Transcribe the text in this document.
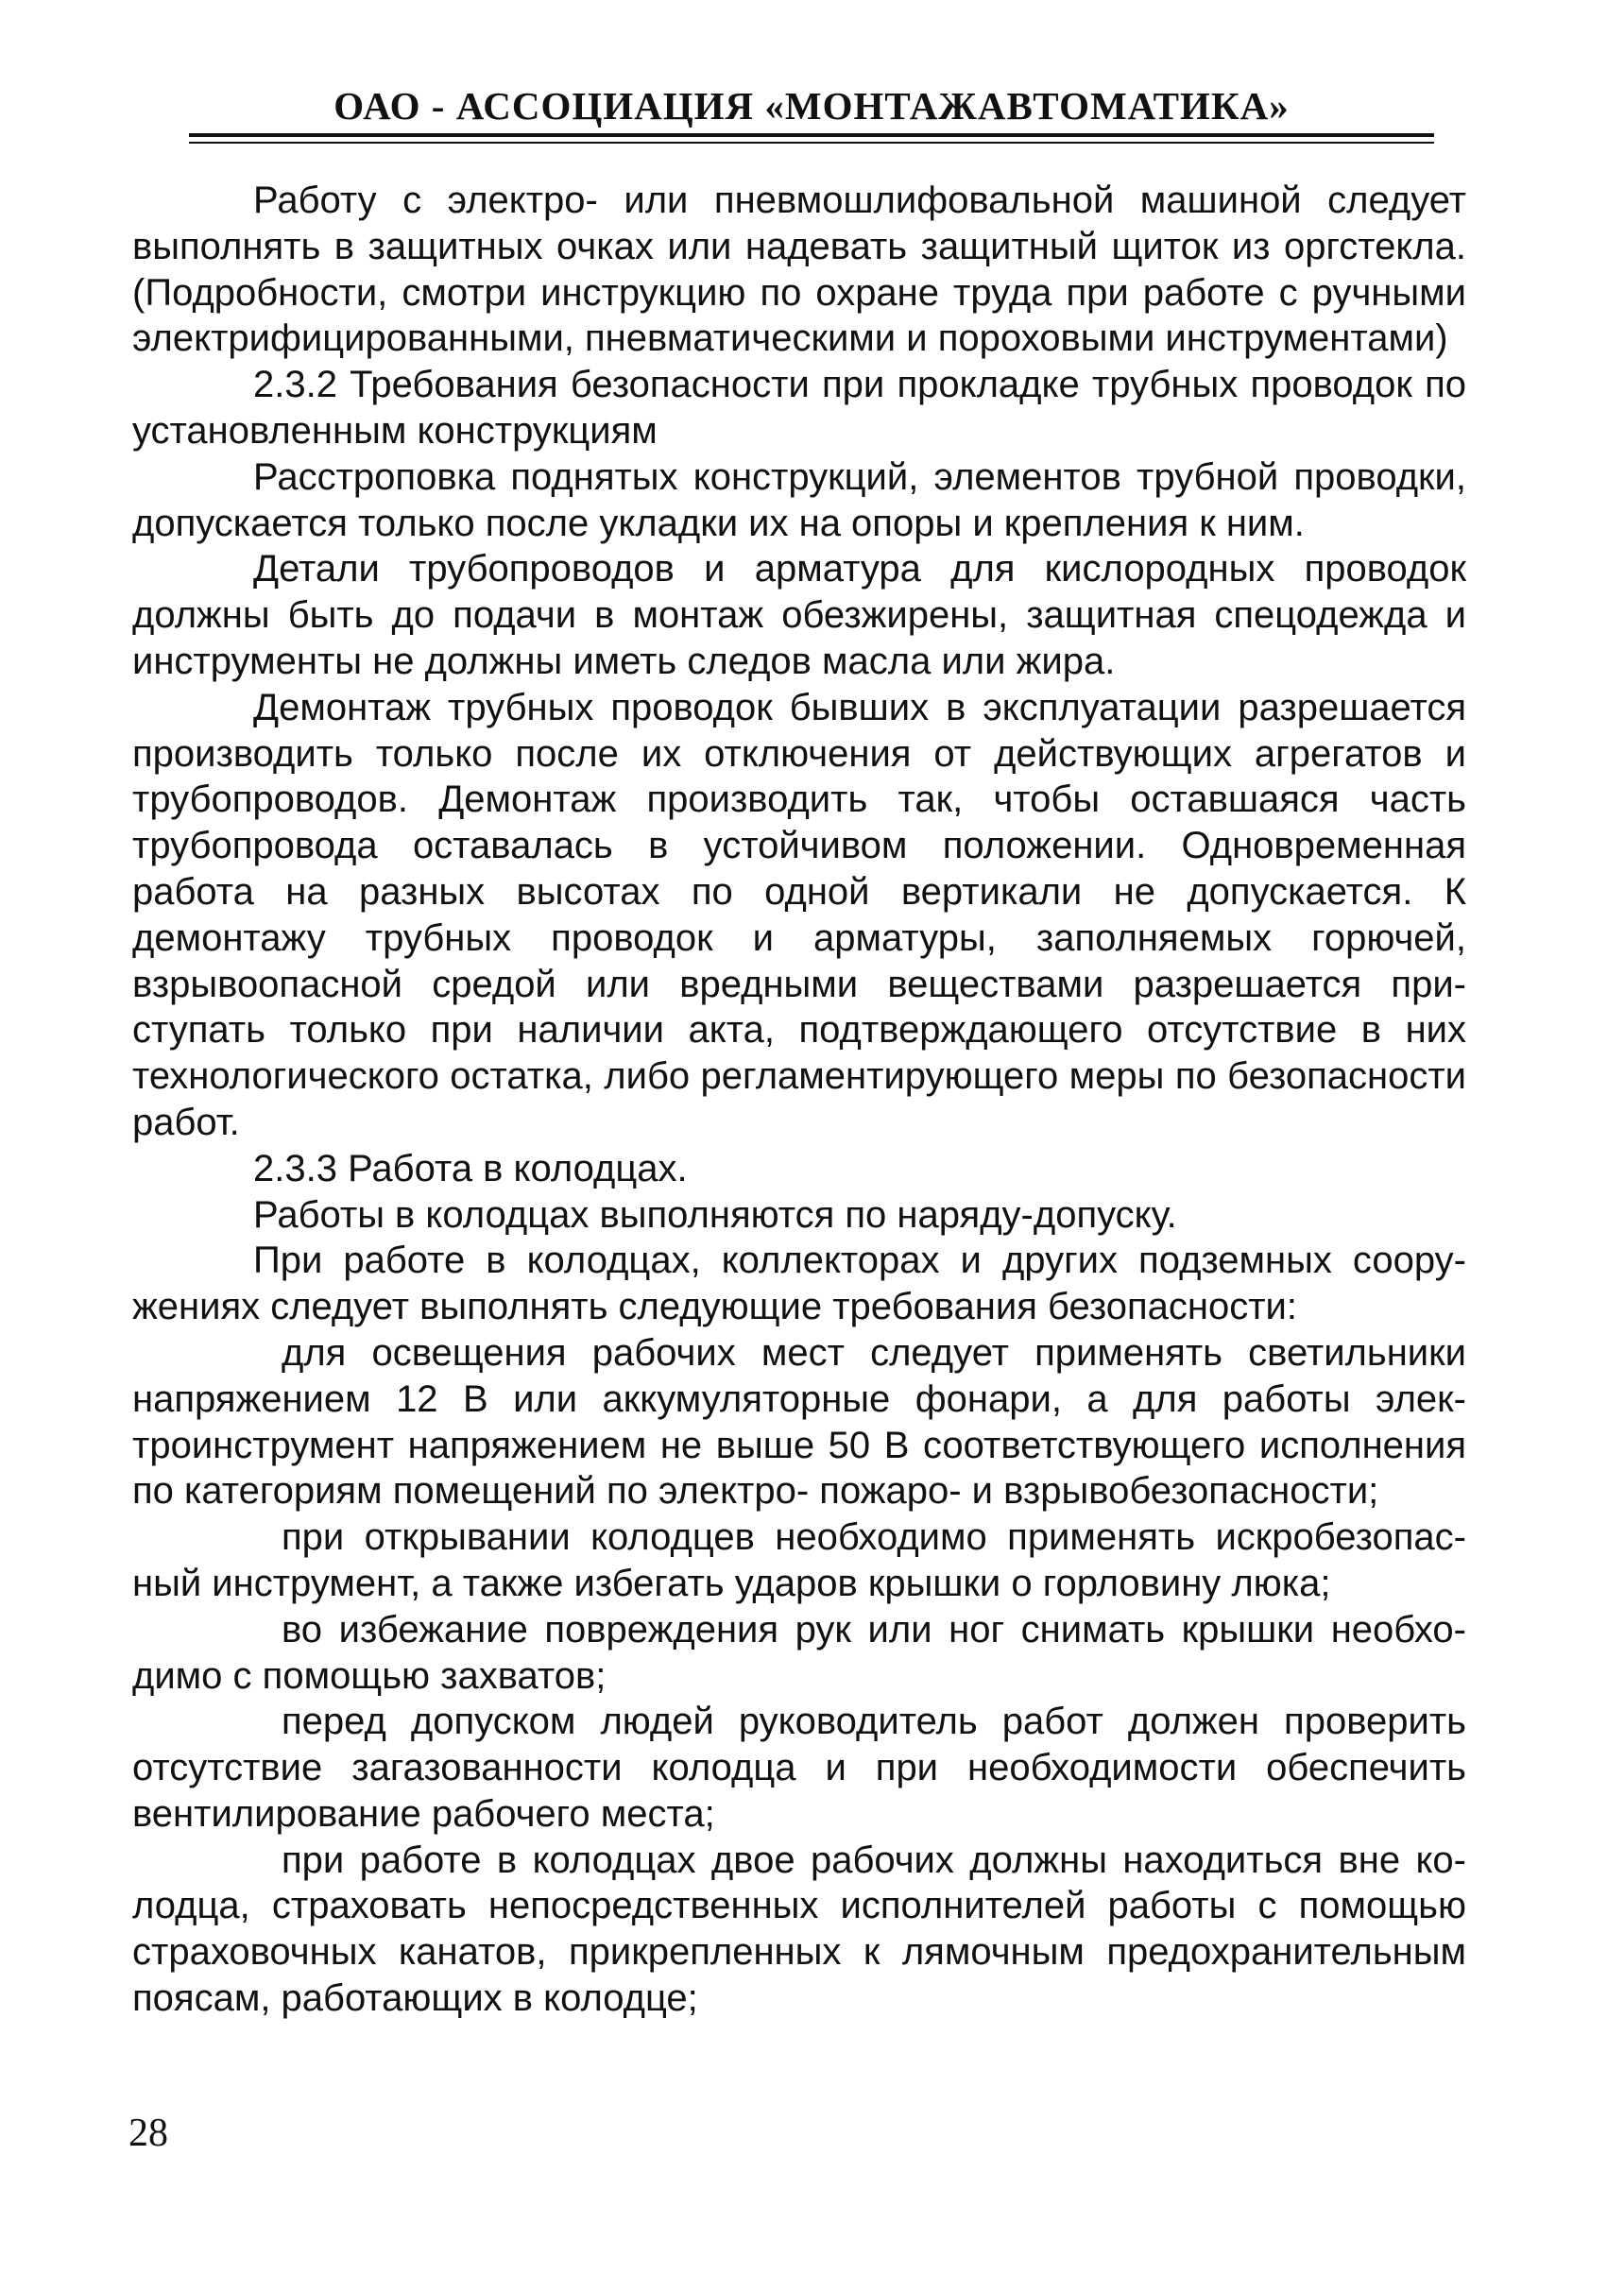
ОАО - АССОЦИАЦИЯ «МОНТАЖАВТОМАТИКА»

Работу с электро- или пневмошлифовальной машиной следует выполнять в защитных очках или надевать защитный щиток из оргстекла. (Подробности, смотри инструкцию по охране труда при работе с ручными электрифицированными, пневматическими и пороховыми инструментами)

2.3.2 Требования безопасности при прокладке трубных проводок по установленным конструкциям

Расстроповка поднятых конструкций, элементов трубной проводки, допускается только после укладки их на опоры и крепления к ним.

Детали трубопроводов и арматура для кислородных проводок должны быть до подачи в монтаж обезжирены, защитная спецодежда и инструменты не должны иметь следов масла или жира.

Демонтаж трубных проводок бывших в эксплуатации разрешается производить только после их отключения от действующих агрегатов и трубопроводов. Демонтаж производить так, чтобы оставшаяся часть трубопровода оставалась в устойчивом положении. Одновременная работа на разных высотах по одной вертикали не допускается. К демонтажу трубных проводок и арматуры, заполняемых горючей, взрывоопасной средой или вредными веществами разрешается приступать только при наличии акта, подтверждающего отсутствие в них технологического остатка, либо регламентирующего меры по безопасности работ.

2.3.3 Работа в колодцах.

Работы в колодцах выполняются по наряду-допуску.

При работе в колодцах, коллекторах и других подземных сооружениях следует выполнять следующие требования безопасности:

для освещения рабочих мест следует применять светильники напряжением 12 В или аккумуляторные фонари, а для работы электроинструмент напряжением не выше 50 В соответствующего исполнения по категориям помещений по электро- пожаро- и взрывобезопасности;

при открывании колодцев необходимо применять искробезопасный инструмент, а также избегать ударов крышки о горловину люка;

во избежание повреждения рук или ног снимать крышки необходимо с помощью захватов;

перед допуском людей руководитель работ должен проверить отсутствие загазованности колодца и при необходимости обеспечить вентилирование рабочего места;

при работе в колодцах двое рабочих должны находиться вне колодца, страховать непосредственных исполнителей работы с помощью страховочных канатов, прикрепленных к лямочным предохранительным поясам, работающих в колодце;

28
